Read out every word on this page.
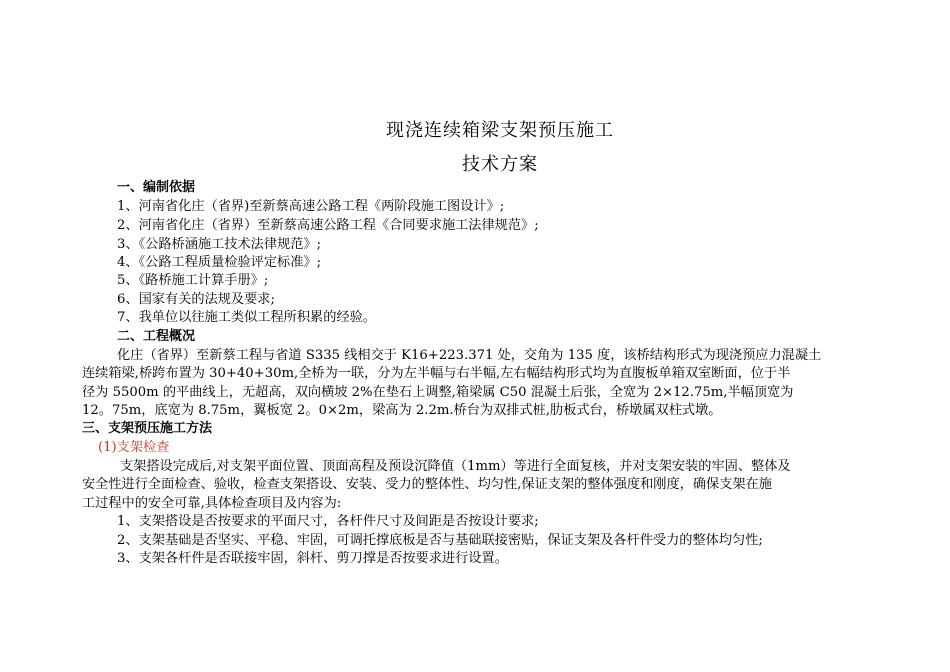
现浇连续箱梁支架预压施工
技术方案
一、编制依据
1、河南省化庄（省界)至新蔡高速公路工程《两阶段施工图设计》;
2、河南省化庄（省界）至新蔡高速公路工程《合同要求施工法律规范》;
3、《公路桥涵施工技术法律规范》;
4、《公路工程质量检验评定标准》;
5、《路桥施工计算手册》;
6、国家有关的法规及要求;
7、我单位以往施工类似工程所积累的经验。
二、工程概况
化庄（省界）至新蔡工程与省道 S335 线相交于 K16+223.371 处，交角为 135 度，该桥结构形式为现浇预应力混凝土
连续箱梁,桥跨布置为 30+40+30m,全桥为一联，分为左半幅与右半幅,左右幅结构形式均为直腹板单箱双室断面，位于半
径为 5500m 的平曲线上，无超高，双向横坡 2%在垫石上调整,箱梁属 C50 混凝土后张，全宽为 2×12.75m,半幅顶宽为
12。75m，底宽为 8.75m，翼板宽 2。0×2m，梁高为 2.2m.桥台为双排式桩,肋板式台，桥墩属双柱式墩。
三、支架预压施工方法
(1)支架检查
支架搭设完成后,对支架平面位置、顶面高程及预设沉降值（1mm）等进行全面复核，并对支架安装的牢固、整体及
安全性进行全面检查、验收，检查支架搭设、安装、受力的整体性、均匀性,保证支架的整体强度和刚度，确保支架在施
工过程中的安全可靠,具体检查项目及内容为:
1、支架搭设是否按要求的平面尺寸，各杆件尺寸及间距是否按设计要求;
2、支架基础是否坚实、平稳、牢固，可调托撑底板是否与基础联接密贴，保证支架及各杆件受力的整体均匀性;
3、支架各杆件是否联接牢固，斜杆、剪刀撑是否按要求进行设置。
